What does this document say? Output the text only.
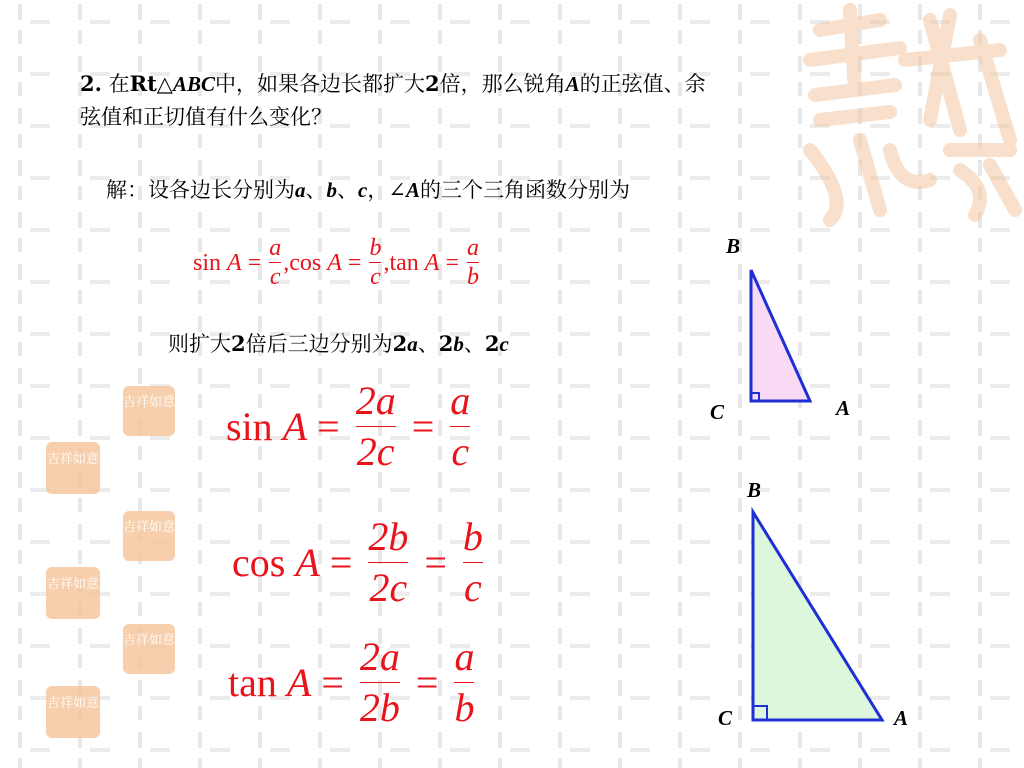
吉祥如意
吉祥如意
吉祥如意
吉祥如意
吉祥如意
吉祥如意
2. 在Rt△ABC中，如果各边长都扩大2倍，那么锐角A的正弦值、余
弦值和正切值有什么变化？
解：设各边长分别为a、b、c，∠A的三个三角函数分别为
$\sin A = \frac{a}{c} ,\cos$ $A = \frac{b}{c} ,\tan$ $A = \frac{a}{b}$
则扩大2倍后三边分别为2a、2b、2c
$\sin A = \frac{2a}{2c} = \frac{a}{c}$
$\cos A = \frac{2b}{2c} = \frac{b}{c}$
$\tan A = \frac{2a}{2b} = \frac{a}{b}$
B
C	A
B
C	A
